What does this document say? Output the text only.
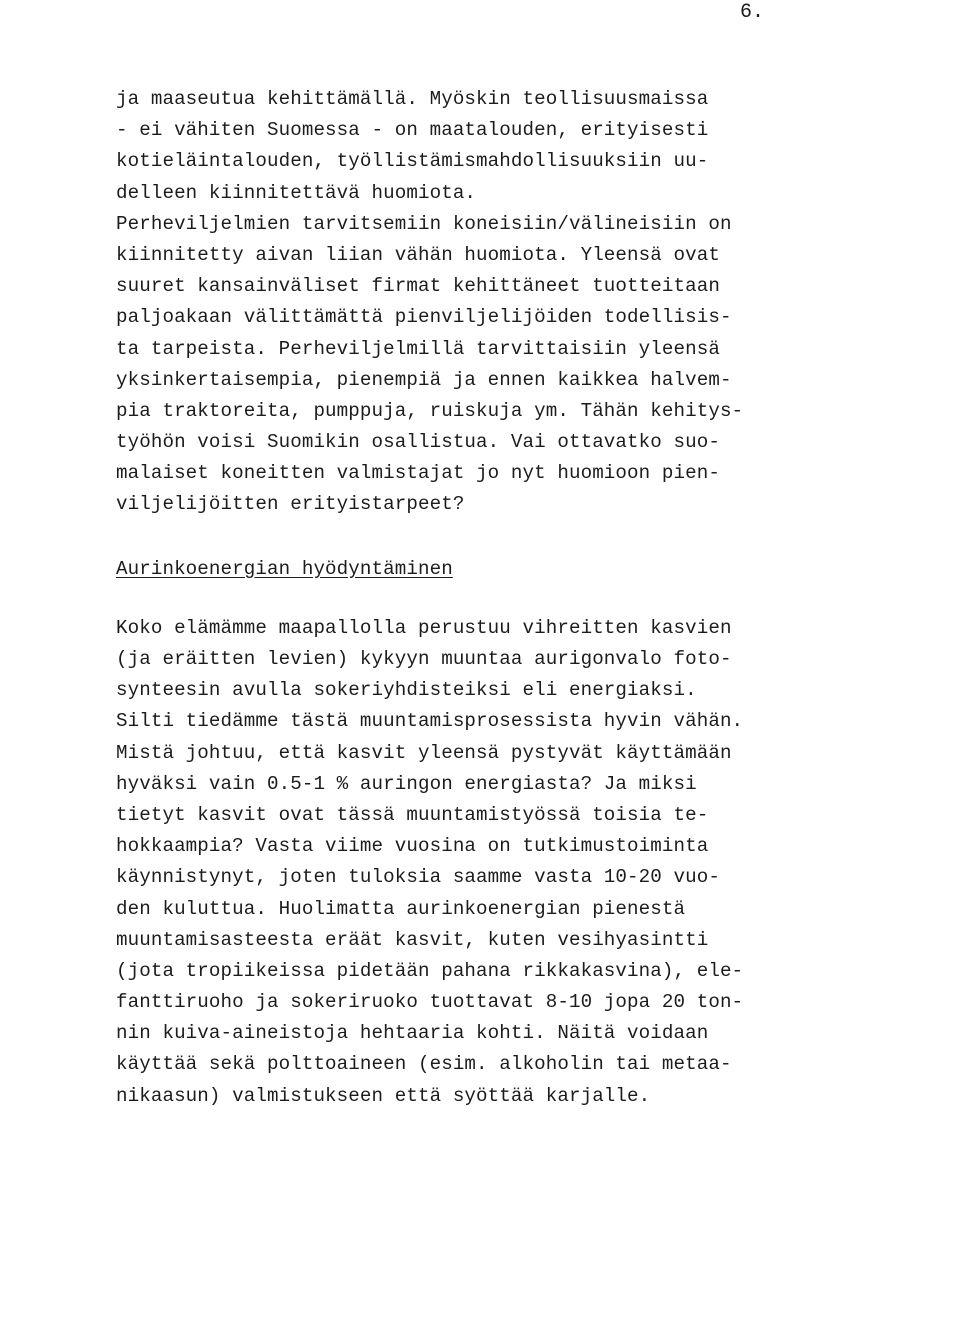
6.
ja maaseutua kehittämällä. Myöskin teollisuusmaissa
- ei vähiten Suomessa - on maatalouden, erityisesti
kotieläintalouden, työllistämismahdollisuuksiin uu-
delleen kiinnitettävä huomiota.
Perheviljelmien tarvitsemiin koneisiin/välineisiin on
kiinnitetty aivan liian vähän huomiota. Yleensä ovat
suuret kansainväliset firmat kehittäneet tuotteitaan
paljoakaan välittämättä pienviljelijöiden todellisis-
ta tarpeista. Perheviljelmillä tarvittaisiin yleensä
yksinkertaisempia, pienempiä ja ennen kaikkea halvem-
pia traktoreita, pumppuja, ruiskuja ym. Tähän kehitys-
työhön voisi Suomikin osallistua. Vai ottavatko suo-
malaiset koneitten valmistajat jo nyt huomioon pien-
viljelijöitten erityistarpeet?
Aurinkoenergian hyödyntäminen
Koko elämämme maapallolla perustuu vihreitten kasvien
(ja eräitten levien) kykyyn muuntaa aurigonvalo foto-
synteesin avulla sokeriyhdisteiksi eli energiaksi.
Silti tiedämme tästä muuntamisprosessista hyvin vähän.
Mistä johtuu, että kasvit yleensä pystyvät käyttämään
hyväksi vain 0.5-1 % auringon energiasta? Ja miksi
tietyt kasvit ovat tässä muuntamistyössä toisia te-
hokkaampia? Vasta viime vuosina on tutkimustoiminta
käynnistynyt, joten tuloksia saamme vasta 10-20 vuo-
den kuluttua. Huolimatta aurinkoenergian pienestä
muuntamisasteesta eräät kasvit, kuten vesihyasintti
(jota tropiikeissa pidetään pahana rikkakasvina), ele-
fanttiruoho ja sokeriruoko tuottavat 8-10 jopa 20 ton-
nin kuiva-aineistoja hehtaaria kohti. Näitä voidaan
käyttää sekä polttoaineen (esim. alkoholin tai metaa-
nikaasun) valmistukseen että syöttää karjalle.
